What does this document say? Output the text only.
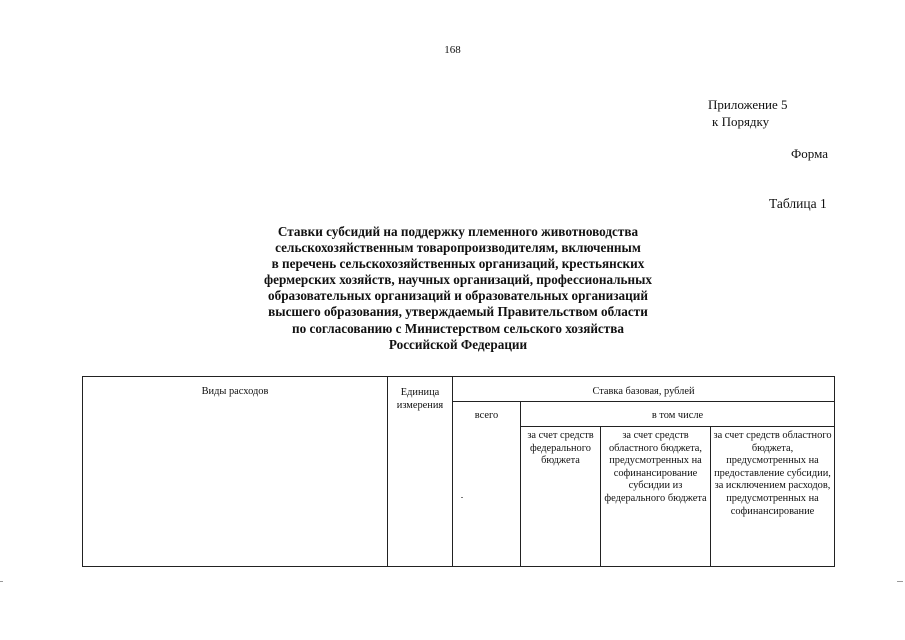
168
Приложение 5
к Порядку
Форма
Таблица 1
Ставки субсидий на поддержку племенного животноводства
сельскохозяйственным товаропроизводителям, включенным
в перечень сельскохозяйственных организаций, крестьянских
фермерских хозяйств, научных организаций, профессиональных
образовательных организаций и образовательных организаций
высшего образования, утверждаемый Правительством области
по согласованию с Министерством сельского хозяйства
Российской Федерации
Виды расходов	Единица измерения	Ставка базовая, рублей			
		всего	в том числе		
			за счет средств федерального бюджета	за счет средств областного бюджета, предусмотренных на софинансирование субсидии из федерального бюджета	за счет средств областного бюджета, предусмотренных на предоставление субсидии, за исключением расходов, предусмотренных на софинансирование
